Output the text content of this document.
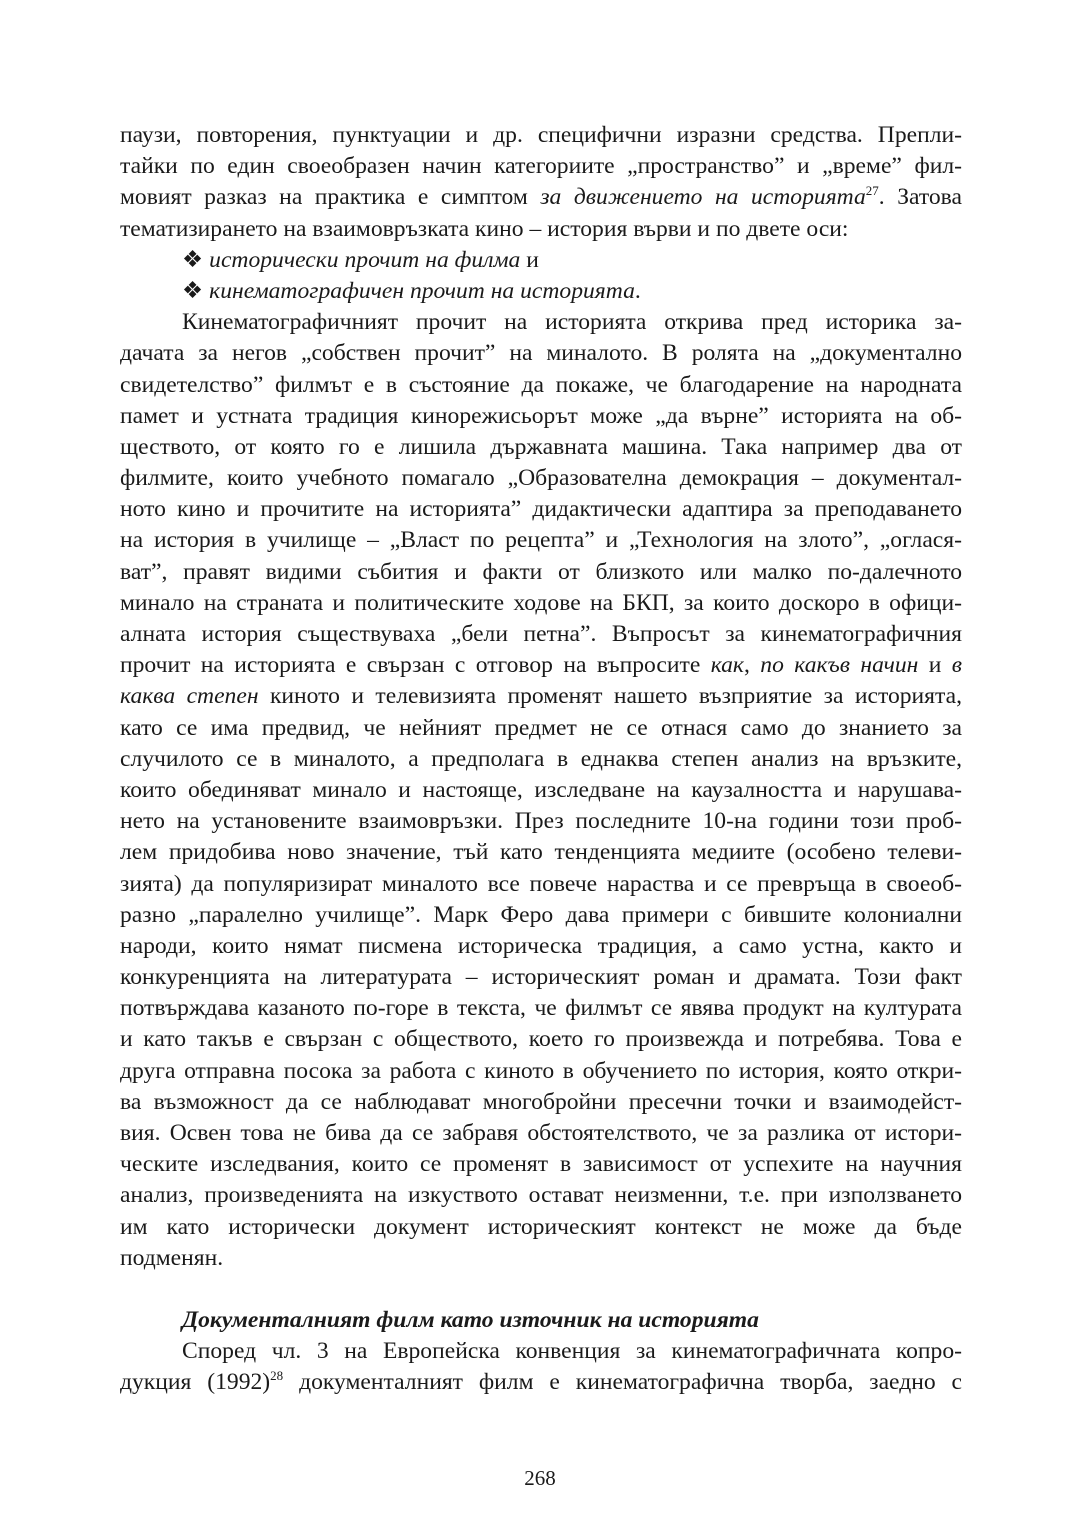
паузи, повторения, пунктуации и др. специфични изразни средства. Препли-
тайки по един своеобразен начин категориите „пространство” и „време” фил-
мовият разказ на практика е симптом за движението на историята$^{27}$. Затова
тематизирането на взаимовръзката кино – история върви и по двете оси:
❖ исторически прочит на филма и
❖ кинематографичен прочит на историята.
Кинематографичният прочит на историята открива пред историка за-
дачата за негов „собствен прочит” на миналото. В ролята на „документално
свидетелство” филмът е в състояние да покаже, че благодарение на народната
памет и устната традиция кинорежисьорът може „да върне” историята на об-
ществото, от която го е лишила държавната машина. Така например два от
филмите, които учебното помагало „Образователна демокрация – документал-
ното кино и прочитите на историята” дидактически адаптира за преподаването
на история в училище – „Власт по рецепта” и „Технология на злото”, „оглася-
ват”, правят видими събития и факти от близкото или малко по-далечното
минало на страната и политическите ходове на БКП, за които доскоро в офици-
алната история съществуваха „бели петна”. Въпросът за кинематографичния
прочит на историята е свързан с отговор на въпросите как, по какъв начин и в
каква степен киното и телевизията променят нашето възприятие за историята,
като се има предвид, че нейният предмет не се отнася само до знанието за
случилото се в миналото, а предполага в еднаква степен анализ на връзките,
които обединяват минало и настояще, изследване на каузалността и нарушава-
нето на установените взаимовръзки. През последните 10-на години този проб-
лем придобива ново значение, тъй като тенденцията медиите (особено телеви-
зията) да популяризират миналото все повече нараства и се превръща в своеоб-
разно „паралелно училище”. Марк Феро дава примери с бившите колониални
народи, които нямат писмена историческа традиция, а само устна, както и
конкуренцията на литературата – историческият роман и драмата. Този факт
потвърждава казаното по-горе в текста, че филмът се явява продукт на културата
и като такъв е свързан с обществото, което го произвежда и потребява. Това е
друга отправна посока за работа с киното в обучението по история, която откри-
ва възможност да се наблюдават многобройни пресечни точки и взаимодейст-
вия. Освен това не бива да се забравя обстоятелството, че за разлика от истори-
ческите изследвания, които се променят в зависимост от успехите на научния
анализ, произведенията на изкуството остават неизменни, т.е. при използването
им като исторически документ историческият контекст не може да бъде
подменян.
Документалният филм като източник на историята
Според чл. 3 на Европейска конвенция за кинематографичната копро-
дукция $(1992)^{28}$ документалният филм е кинематографична творба, заедно с
268
